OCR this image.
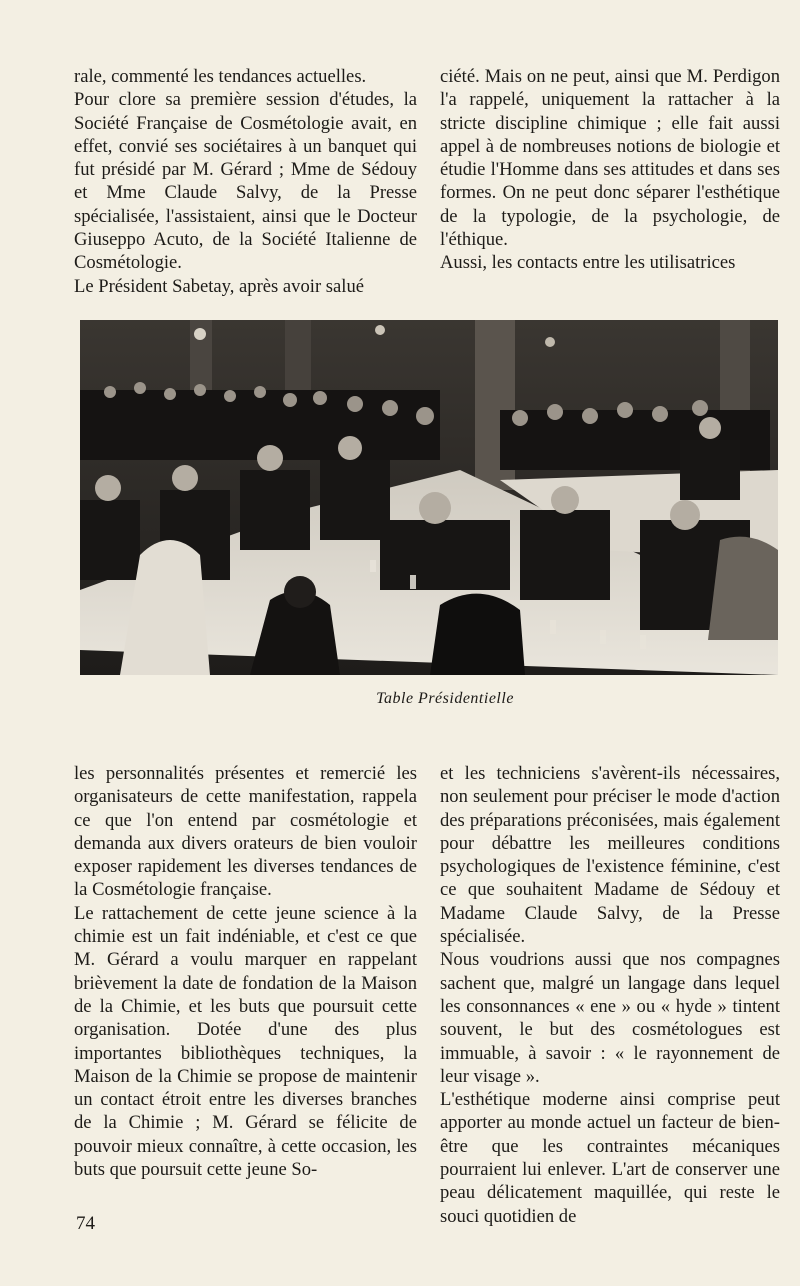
rale, commenté les tendances actuelles.

Pour clore sa première session d'études, la Société Française de Cosmétologie avait, en effet, convié ses sociétaires à un banquet qui fut présidé par M. Gérard ; Mme de Sédouy et Mme Claude Salvy, de la Presse spécialisée, l'assistaient, ainsi que le Docteur Giuseppo Acuto, de la Société Italienne de Cosmétologie.

Le Président Sabetay, après avoir salué

ciété. Mais on ne peut, ainsi que M. Perdigon l'a rappelé, uniquement la rattacher à la stricte discipline chimique ; elle fait aussi appel à de nombreuses notions de biologie et étudie l'Homme dans ses attitudes et dans ses formes. On ne peut donc séparer l'esthétique de la typologie, de la psychologie, de l'éthique.

Aussi, les contacts entre les utilisatrices

Table Présidentielle

les personnalités présentes et remercié les organisateurs de cette manifestation, rappela ce que l'on entend par cosmétologie et demanda aux divers orateurs de bien vouloir exposer rapidement les diverses tendances de la Cosmétologie française.

Le rattachement de cette jeune science à la chimie est un fait indéniable, et c'est ce que M. Gérard a voulu marquer en rappelant brièvement la date de fondation de la Maison de la Chimie, et les buts que poursuit cette organisation. Dotée d'une des plus importantes bibliothèques techniques, la Maison de la Chimie se propose de maintenir un contact étroit entre les diverses branches de la Chimie ; M. Gérard se félicite de pouvoir mieux connaître, à cette occasion, les buts que poursuit cette jeune So-

et les techniciens s'avèrent-ils nécessaires, non seulement pour préciser le mode d'action des préparations préconisées, mais également pour débattre les meilleures conditions psychologiques de l'existence féminine, c'est ce que souhaitent Madame de Sédouy et Madame Claude Salvy, de la Presse spécialisée.

Nous voudrions aussi que nos compagnes sachent que, malgré un langage dans lequel les consonnances « ene » ou « hyde » tintent souvent, le but des cosmétologues est immuable, à savoir : « le rayonnement de leur visage ».

L'esthétique moderne ainsi comprise peut apporter au monde actuel un facteur de bien-être que les contraintes mécaniques pourraient lui enlever. L'art de conserver une peau délicatement maquillée, qui reste le souci quotidien de

74
